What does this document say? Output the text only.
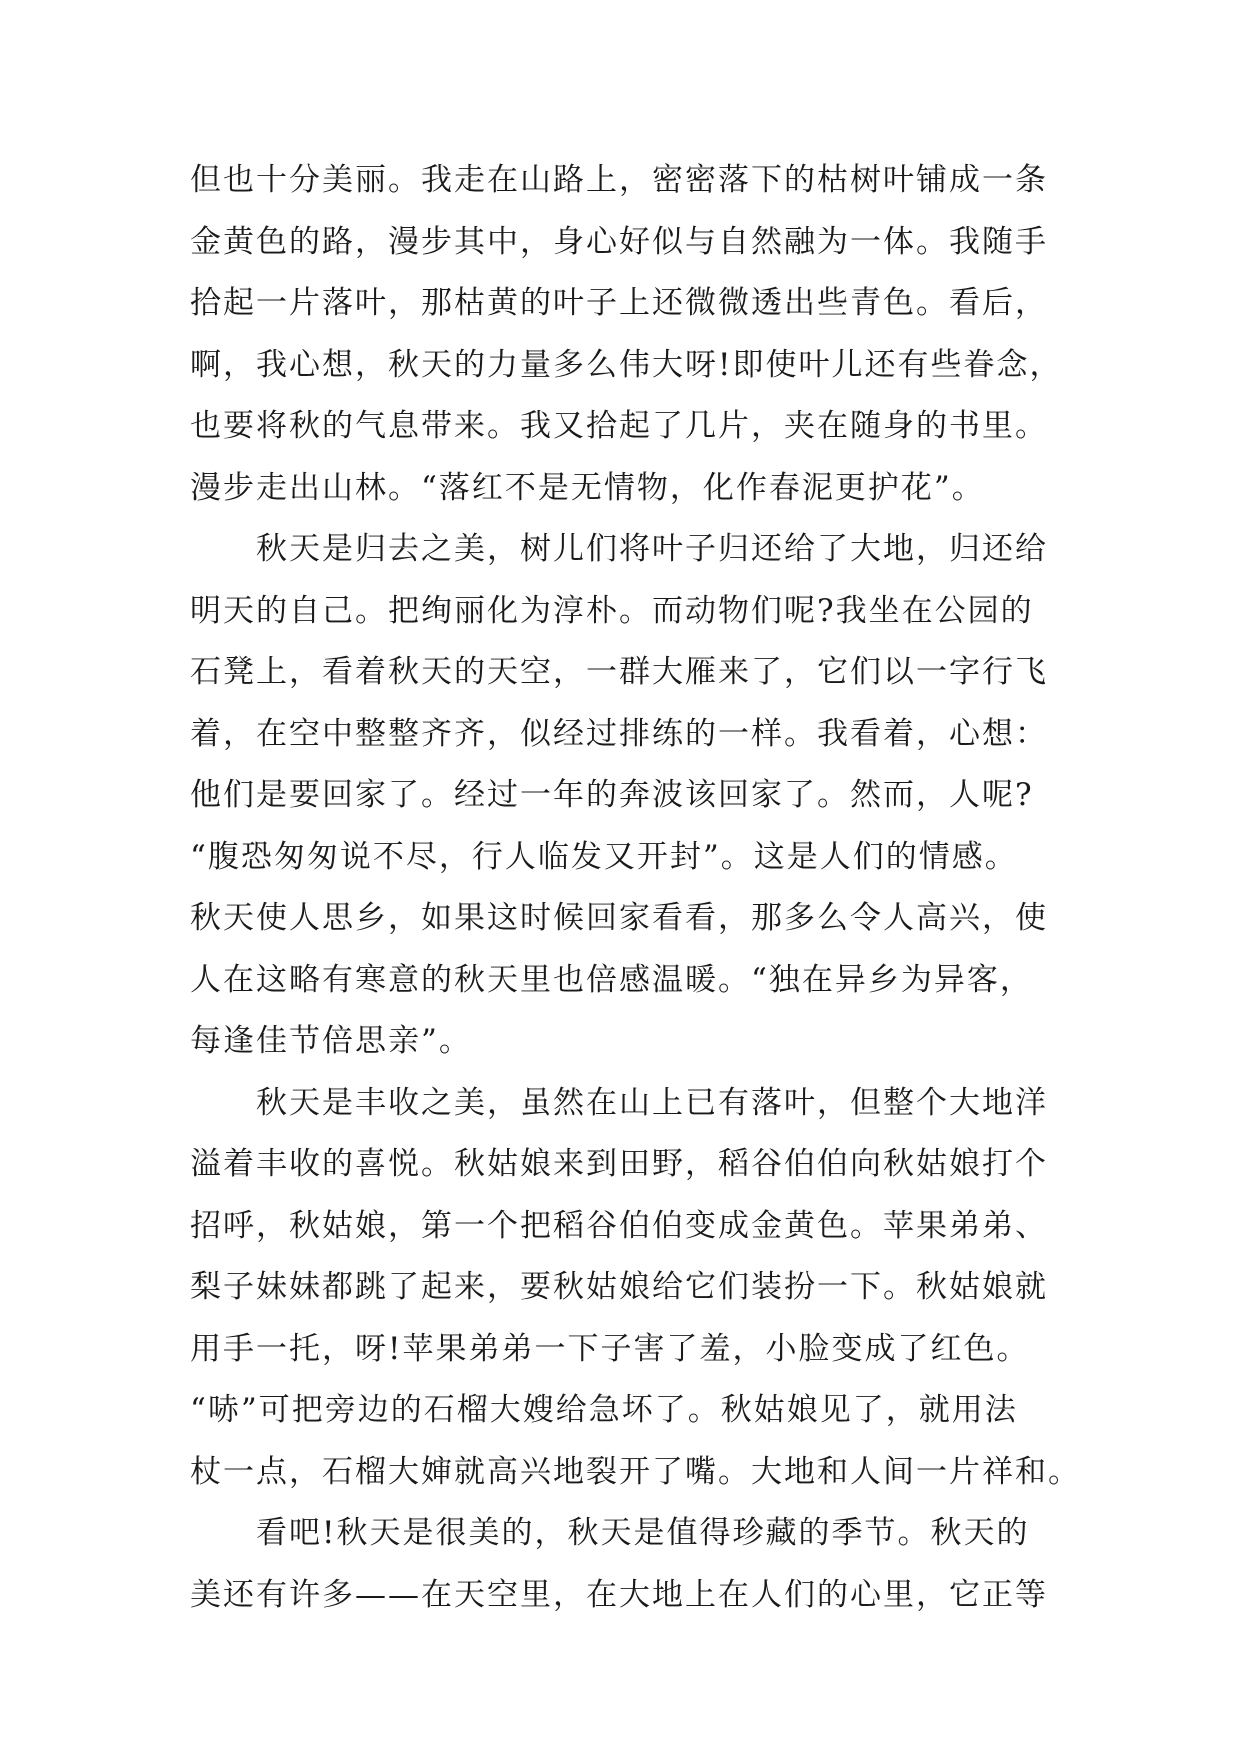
但也十分美丽。我走在山路上，密密落下的枯树叶铺成一条
金黄色的路，漫步其中，身心好似与自然融为一体。我随手
拾起一片落叶，那枯黄的叶子上还微微透出些青色。看后，
啊，我心想，秋天的力量多么伟大呀!即使叶儿还有些眷念，
也要将秋的气息带来。我又拾起了几片，夹在随身的书里。
漫步走出山林。“落红不是无情物，化作春泥更护花”。
秋天是归去之美，树儿们将叶子归还给了大地，归还给
明天的自己。把绚丽化为淳朴。而动物们呢?我坐在公园的
石凳上，看着秋天的天空，一群大雁来了，它们以一字行飞
着，在空中整整齐齐，似经过排练的一样。我看着，心想：
他们是要回家了。经过一年的奔波该回家了。然而，人呢?
“腹恐匆匆说不尽，行人临发又开封”。这是人们的情感。
秋天使人思乡，如果这时候回家看看，那多么令人高兴，使
人在这略有寒意的秋天里也倍感温暖。“独在异乡为异客，
每逢佳节倍思亲”。
秋天是丰收之美，虽然在山上已有落叶，但整个大地洋
溢着丰收的喜悦。秋姑娘来到田野，稻谷伯伯向秋姑娘打个
招呼，秋姑娘，第一个把稻谷伯伯变成金黄色。苹果弟弟、
梨子妹妹都跳了起来，要秋姑娘给它们装扮一下。秋姑娘就
用手一托，呀!苹果弟弟一下子害了羞，小脸变成了红色。
“哧”可把旁边的石榴大嫂给急坏了。秋姑娘见了，就用法
杖一点，石榴大婶就高兴地裂开了嘴。大地和人间一片祥和。
看吧!秋天是很美的，秋天是值得珍藏的季节。秋天的
美还有许多——在天空里，在大地上在人们的心里，它正等
